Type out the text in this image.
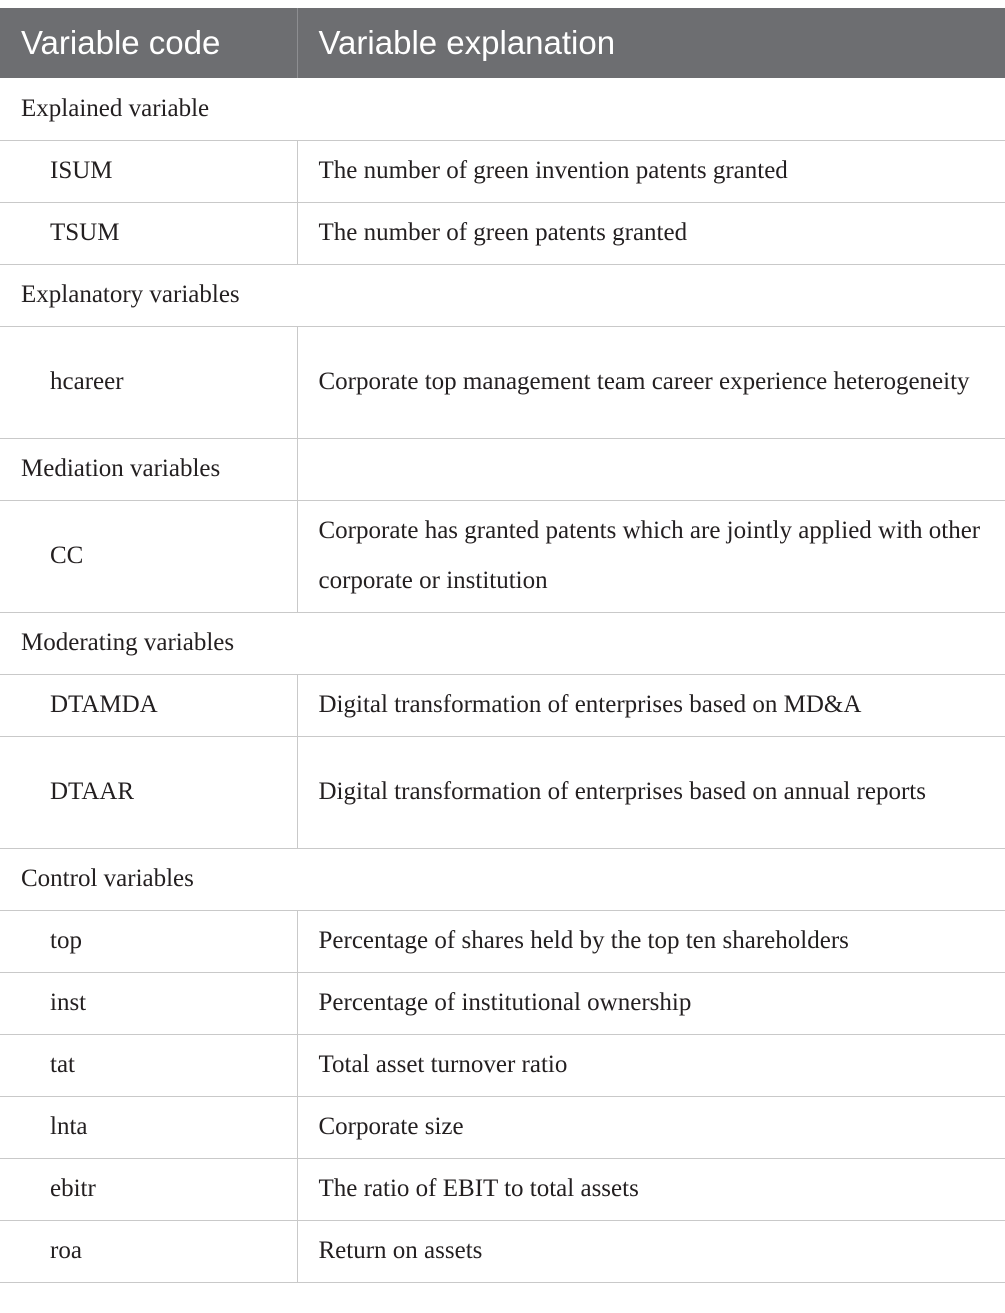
Variable code	Variable explanation
Explained variable	
ISUM	The number of green invention patents granted
TSUM	The number of green patents granted
Explanatory variables	
hcareer	Corporate top management team career experience heterogeneity
Mediation variables	
CC	Corporate has granted patents which are jointly applied with other corporate or institution
Moderating variables	
DTAMDA	Digital transformation of enterprises based on MD&A
DTAAR	Digital transformation of enterprises based on annual reports
Control variables	
top	Percentage of shares held by the top ten shareholders
inst	Percentage of institutional ownership
tat	Total asset turnover ratio
lnta	Corporate size
ebitr	The ratio of EBIT to total assets
roa	Return on assets
